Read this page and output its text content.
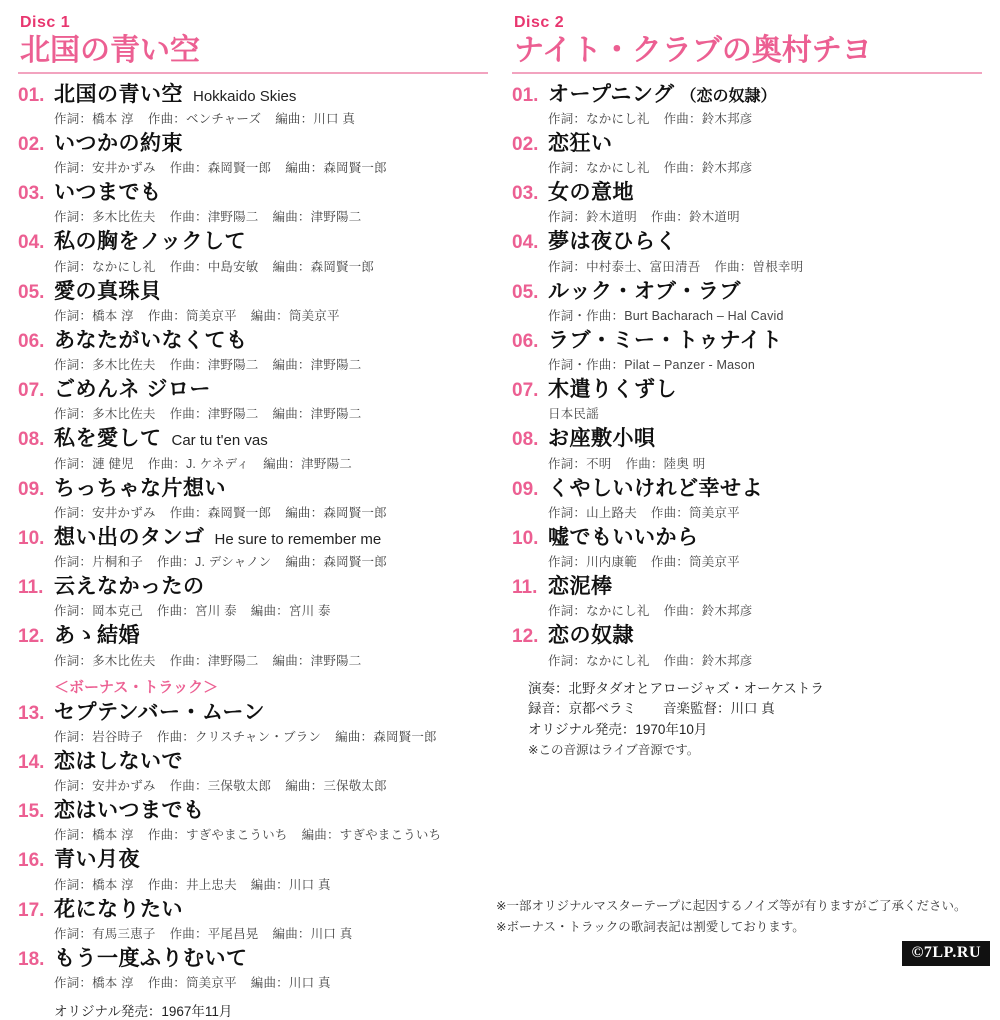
Disc 1
北国の青い空
01. 北国の青い空 Hokkaido Skies
作詞：橋本 淳 作曲：ベンチャーズ 編曲：川口 真
02. いつかの約束
作詞：安井かずみ 作曲：森岡賢一郎 編曲：森岡賢一郎
03. いつまでも
作詞：多木比佐夫 作曲：津野陽二 編曲：津野陽二
04. 私の胸をノックして
作詞：なかにし礼 作曲：中島安敏 編曲：森岡賢一郎
05. 愛の真珠貝
作詞：橋本 淳 作曲：筒美京平 編曲：筒美京平
06. あなたがいなくても
作詞：多木比佐夫 作曲：津野陽二 編曲：津野陽二
07. ごめんネ ジロー
作詞：多木比佐夫 作曲：津野陽二 編曲：津野陽二
08. 私を愛して Car tu t'en vas
作詞：漣 健児 作曲：J. ケネディ 編曲：津野陽二
09. ちっちゃな片想い
作詞：安井かずみ 作曲：森岡賢一郎 編曲：森岡賢一郎
10. 想い出のタンゴ He sure to remember me
作詞：片桐和子 作曲：J. デシャノン 編曲：森岡賢一郎
11. 云えなかったの
作詞：岡本克己 作曲：宮川 泰 編曲：宮川 泰
12. あゝ結婚
作詞：多木比佐夫 作曲：津野陽二 編曲：津野陽二
＜ボーナス・トラック＞
13. セプテンバー・ムーン
作詞：岩谷時子 作曲：クリスチャン・ブラン 編曲：森岡賢一郎
14. 恋はしないで
作詞：安井かずみ 作曲：三保敬太郎 編曲：三保敬太郎
15. 恋はいつまでも
作詞：橋本 淳 作曲：すぎやまこういち 編曲：すぎやまこういち
16. 青い月夜
作詞：橋本 淳 作曲：井上忠夫 編曲：川口 真
17. 花になりたい
作詞：有馬三恵子 作曲：平尾昌晃 編曲：川口 真
18. もう一度ふりむいて
作詞：橋本 淳 作曲：筒美京平 編曲：川口 真
オリジナル発売：1967年11月
Disc 2
ナイト・クラブの奥村チヨ
01. オープニング （恋の奴隷）
作詞：なかにし礼 作曲：鈴木邦彦
02. 恋狂い
作詞：なかにし礼 作曲：鈴木邦彦
03. 女の意地
作詞：鈴木道明 作曲：鈴木道明
04. 夢は夜ひらく
作詞：中村泰士、富田清吾 作曲：曽根幸明
05. ルック・オブ・ラブ
作詞・作曲：Burt Bacharach – Hal Cavid
06. ラブ・ミー・トゥナイト
作詞・作曲：Pilat – Panzer - Mason
07. 木遣りくずし
日本民謡
08. お座敷小唄
作詞：不明 作曲：陸奥 明
09. くやしいけれど幸せよ
作詞：山上路夫 作曲：筒美京平
10. 嘘でもいいから
作詞：川内康範 作曲：筒美京平
11. 恋泥棒
作詞：なかにし礼 作曲：鈴木邦彦
12. 恋の奴隷
作詞：なかにし礼 作曲：鈴木邦彦
演奏：北野タダオとアロージャズ・オーケストラ
録音：京都ベラミ　　音楽監督：川口 真
オリジナル発売：1970年10月
※この音源はライブ音源です。
※一部オリジナルマスターテープに起因するノイズ等が有りますがご了承ください。
※ボーナス・トラックの歌詞表記は割愛しております。
©7LP.RU
